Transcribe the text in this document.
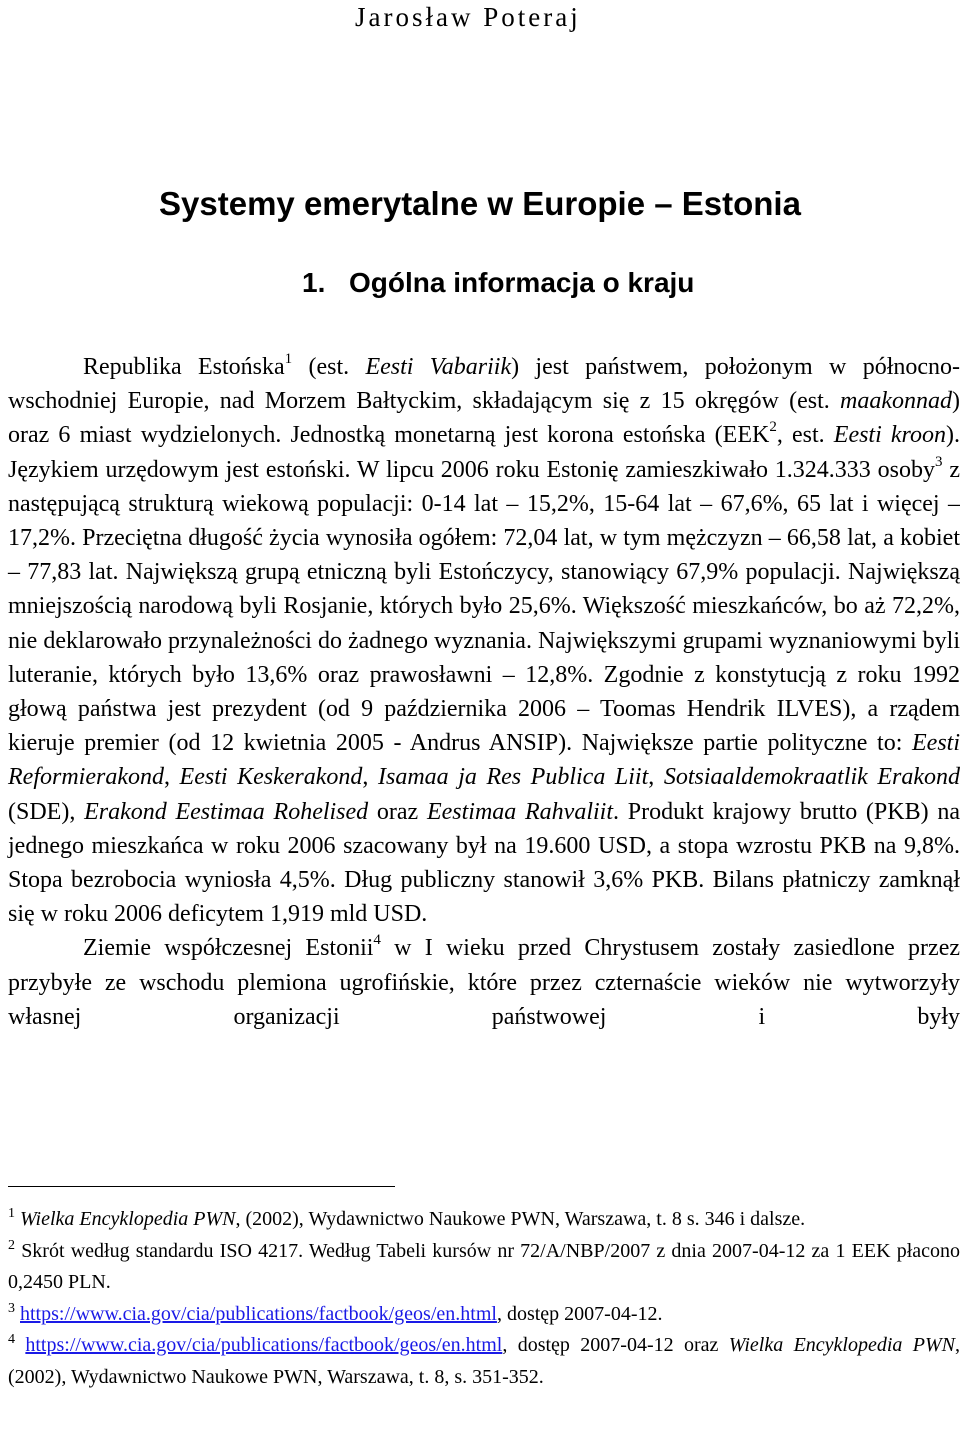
Jarosław Poteraj
Systemy emerytalne w Europie – Estonia
1. Ogólna informacja o kraju

Republika Estońska$^1$ (est. Eesti Vabariik) jest państwem, położonym w północno-wschodniej Europie, nad Morzem Bałtyckim, składającym się z 15 okręgów (est. maakonnad) oraz 6 miast wydzielonych. Jednostką monetarną jest korona estońska (EEK$^2$, est. Eesti kroon). Językiem urzędowym jest estoński. W lipcu 2006 roku Estonię zamieszkiwało 1.324.333 osoby$^3$ z następującą strukturą wiekową populacji: 0-14 lat – 15,2%, 15-64 lat – 67,6%, 65 lat i więcej – 17,2%. Przeciętna długość życia wynosiła ogółem: 72,04 lat, w tym mężczyzn – 66,58 lat, a kobiet – 77,83 lat. Największą grupą etniczną byli Estończycy, stanowiący 67,9% populacji. Największą mniejszością narodową byli Rosjanie, których było 25,6%. Większość mieszkańców, bo aż 72,2%, nie deklarowało przynależności do żadnego wyznania. Największymi grupami wyznaniowymi byli luteranie, których było 13,6% oraz prawosławni – 12,8%. Zgodnie z konstytucją z roku 1992 głową państwa jest prezydent (od 9 października 2006 – Toomas Hendrik ILVES), a rządem kieruje premier (od 12 kwietnia 2005 - Andrus ANSIP). Największe partie polityczne to: Eesti Reformierakond, Eesti Keskerakond, Isamaa ja Res Publica Liit, Sotsiaaldemokraatlik Erakond (SDE), Erakond Eestimaa Rohelised oraz Eestimaa Rahvaliit. Produkt krajowy brutto (PKB) na jednego mieszkańca w roku 2006 szacowany był na 19.600 USD, a stopa wzrostu PKB na 9,8%. Stopa bezrobocia wyniosła 4,5%. Dług publiczny stanowił 3,6% PKB. Bilans płatniczy zamknął się w roku 2006 deficytem 1,919 mld USD.

Ziemie współczesnej Estonii$^4$ w I wieku przed Chrystusem zostały zasiedlone przez przybyłe ze wschodu plemiona ugrofińskie, które przez czternaście wieków nie wytworzyły własnej organizacji państwowej i były

$^1$ Wielka Encyklopedia PWN, (2002), Wydawnictwo Naukowe PWN, Warszawa, t. 8 s. 346 i dalsze.

$^2$ Skrót według standardu ISO 4217. Według Tabeli kursów nr 72/A/NBP/2007 z dnia 2007-04-12 za 1 EEK płacono 0,2450 PLN.

$^3$ https://www.cia.gov/cia/publications/factbook/geos/en.html, dostęp 2007-04-12.

$^4$ https://www.cia.gov/cia/publications/factbook/geos/en.html, dostęp 2007-04-12 oraz Wielka Encyklopedia PWN, (2002), Wydawnictwo Naukowe PWN, Warszawa, t. 8, s. 351-352.
